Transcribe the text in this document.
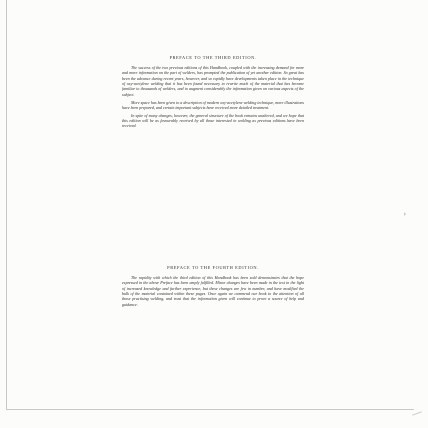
›
PREFACE TO THE THIRD EDITION.

The success of the two previous editions of this Handbook, coupled with the increasing demand for more and more information on the part of welders, has prompted the publication of yet another edition. So great has been the advance during recent years, however, and so rapidly have developments taken place in the technique of oxy-acetylene welding that it has been found necessary to rewrite much of the material that has become familiar to thousands of welders, and to augment considerably the information given on various aspects of the subject.

More space has been given to a description of modern oxy-acetylene welding technique, more illustrations have been prepared, and certain important subjects have received more detailed treatment.

In spite of many changes, however, the general structure of the book remains unaltered, and we hope that this edition will be as favourably received by all those interested in welding as previous editions have been received.

PREFACE TO THE FOURTH EDITION.

The rapidity with which the third edition of this Handbook has been sold demonstrates that the hope expressed in the above Preface has been amply fulfilled. Minor changes have been made in the text in the light of increased knowledge and further experience, but these changes are few in number, and have modified the bulk of the material contained within these pages. Once again we commend our book to the attention of all those practising welding, and trust that the information given will continue to prove a source of help and guidance.
